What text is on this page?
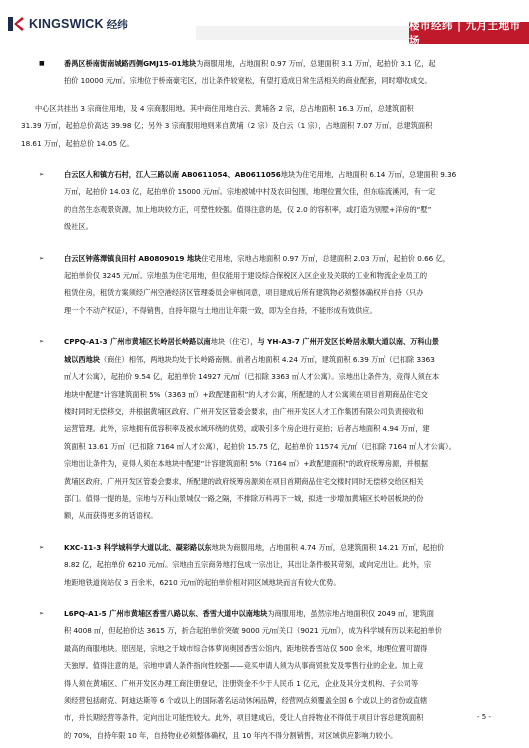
KINGSWICK 经纬	楼市经纬 | 九月土地市场

■	番禺区桥南街南城路西侧GMJ15-01地块为商服用地，占地面积 0.97 万㎡，总建面积 3.1 万㎡，起拍价 3.1 亿，起

拍价 10000 元/㎡。宗地位于桥南豪宅区，出让条件较宽松，有望打造成日常生活相关的商业配套，同时增收成交。

中心区共挂出 3 宗商住用地，及 4 宗商服用地。其中商住用地白云、黄埔各 2 宗，总占地面积 16.3 万㎡，总建筑面积

31.39 万㎡，起拍总价高达 39.98 亿；另外 3 宗商服用地则来自黄埔（2 宗）及白云（1 宗），占地面积 7.07 万㎡，总建筑面积

18.61 万㎡，起拍总价 14.05 亿。

➢	白云区人和镇方石村，江人三路以南 AB0611054、AB0611056地块为住宅用地，占地面积 6.14 万㎡，总建面积 9.36

万㎡，起拍价 14.03 亿，起拍单价 15000 元/㎡。宗地被城中村及农田包围，地理位置欠佳，但东临流溪河，有一定

的自然生态观景资源，加上地块较方正，可塑性较强。值得注意的是，仅 2.0 的容积率，或打造为别墅+洋房的“墅”

级社区。

➢	白云区钟落潭镇良田村 AB0809019 地块住宅用地，宗地占地面积 0.97 万㎡，总建面积 2.03 万㎡，起拍价 0.66 亿，

起拍单价仅 3245 元/㎡。宗地虽为住宅用地，但仅能用于建设综合保税区入区企业及关联的工业和物流企业员工的

租赁住房，租赁方案须经广州空港经济区管理委员会审核同意，项目建成后所有建筑物必须整体确权并自持（只办

理一个不动产权证），不得销售，自持年限与土地出让年限一致，即为全自持，不能形成有效供应。

➢	CPPQ-A1-3 广州市黄埔区长岭居长岭路以南地块（住宅），与 YH-A3-7 广州开发区长岭居永顺大道以南、万科山景

城以西地块（商住）相邻，两地块均处于长岭路南侧。前者占地面积 4.24 万㎡，建筑面积 6.39 万㎡（已扣除 3363

㎡人才公寓），起拍价 9.54 亿，起拍单价 14927 元/㎡（已扣除 3363 ㎡人才公寓）。宗地出让条件为，竞得人须在本

地块中配建“计容建筑面积 5%（3363 ㎡）+政配建面积”的人才公寓，所配建的人才公寓须在项目首期商品住宅交

楼时同时无偿移交，并根据黄埔区政府、广州开发区管委会要求，由广州开发区人才工作集团有限公司负责接收和

运营管理。此外，宗地拥有低容积率及被水域环绕的优势，或吸引多个房企进行竞拍；后者占地面积 4.94 万㎡，建

筑面积 13.61 万㎡（已扣除 7164 ㎡人才公寓），起拍价 15.75 亿，起拍单价 11574 元/㎡（已扣除 7164 ㎡人才公寓）。

宗地出让条件为，竞得人须在本地块中配建“计容建筑面积 5%（7164 ㎡）+政配建面积”的政府统筹房源，并根据

黄埔区政府、广州开发区管委会要求，所配建的政府统筹房源须在项目首期商品住宅交楼时同时无偿移交给区相关

部门。值得一提的是，宗地与万科山景城仅一路之隔，不排除万科再下一城，拟进一步增加黄埔区长岭居板块的份

额，从而获得更多的话语权。

➢	KXC-11-3 科学城科学大道以北、凝彩路以东地块为商服用地，占地面积 4.74 万㎡，总建筑面积 14.21 万㎡，起拍价

8.82 亿，起拍单价 6210 元/㎡。宗地由五宗商务地打包成一宗出让，其出让条件极其苛刻，或向定出让。此外，宗

地距地铁道岗站仅 3 百余米，6210 元/㎡的起拍单价相对同区域地块而言有较大优势。

➢	L6PQ-A1-5 广州市黄埔区香雪八路以东、香雪大道中以南地块为商服用地，虽然宗地占地面积仅 2049 ㎡，建筑面

积 4008 ㎡，但起拍价达 3615 万，折合起拍单价突破 9000 元/㎡关口（9021 元/㎡），成为科学城有历以来起拍单价

最高的商服地块。原因是，宗地之于城市综合体萝岗奥园香雪公馆内，距地铁香雪站仅 500 余米，地理位置可谓得

天独厚。值得注意的是，宗地申请人条件指向性较强——竞买申请人须为从事商贸批发及零售行业的企业。加上竞

得人须在黄埔区、广州开发区办理工商注册登记，注册资金不少于人民币 1 亿元，企业及其分支机构、子公司等

须经营包括耐克、阿迪达斯等 6 个或以上的国际著名运动休闲品牌，经营网点须覆盖全国 6 个或以上的省份或直辖

市，并长期经营等条件，定向出让可能性较大。此外，项目建成后，受让人自持物业不得低于项目计容总建筑面积

的 70%，自持年限 10 年，自持物业必须整体确权，且 10 年内不得分割销售，对区域供应影响力较小。

- 5 -
